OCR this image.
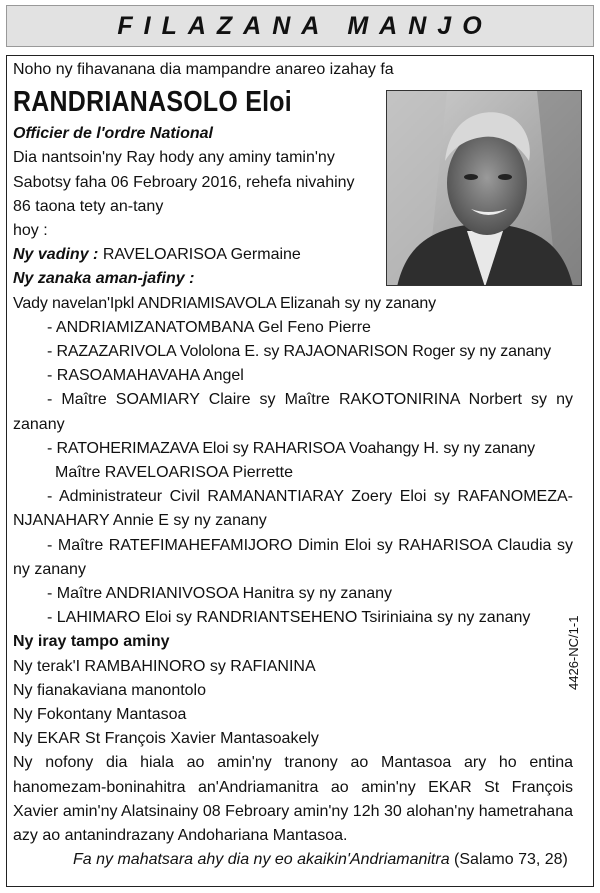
FILAZANA MANJO

Noho ny fihavanana dia mampandre anareo izahay fa

RANDRIANASOLO Eloi

Officier de l'ordre National

Dia nantsoin'ny Ray hody any aminy tamin'ny

Sabotsy faha 06 Febroary 2016, rehefa nivahiny

86 taona tety an-tany

hoy :

Ny vadiny : RAVELOARISOA Germaine

Ny zanaka aman-jafiny :

Vady navelan'Ipkl ANDRIAMISAVOLA Elizanah sy ny zanany

- ANDRIAMIZANATOMBANA Gel Feno Pierre

- RAZAZARIVOLA Vololona E. sy RAJAONARISON Roger sy ny zanany

- RASOAMAHAVAHA Angel

- Maître SOAMIARY Claire sy Maître RAKOTONIRINA Norbert sy ny zanany

- RATOHERIMAZAVA Eloi sy RAHARISOA Voahangy H. sy ny zanany

Maître RAVELOARISOA Pierrette

- Administrateur Civil RAMANANTIARAY Zoery Eloi sy RAFANOMEZA-NJANAHARY Annie E sy ny zanany

- Maître RATEFIMAHEFAMIJORO Dimin Eloi sy RAHARISOA Claudia sy ny zanany

- Maître ANDRIANIVOSOA Hanitra sy ny zanany

- LAHIMARO Eloi sy RANDRIANTSEHENO Tsiriniaina sy ny zanany

Ny iray tampo aminy

Ny terak'I RAMBAHINORO sy RAFIANINA

Ny fianakaviana manontolo

Ny Fokontany Mantasoa

Ny EKAR St François Xavier Mantasoakely

Ny nofony dia hiala ao amin'ny tranony ao Mantasoa ary ho entina hanomezam-boninahitra an'Andriamanitra ao amin'ny EKAR St François Xavier amin'ny Alatsinainy 08 Febroary amin'ny 12h 30 alohan'ny hametrahana azy ao antanindrazany Andohariana Mantasoa.

Fa ny mahatsara ahy dia ny eo akaikin'Andriamanitra (Salamo 73, 28)

4426-NC/1-1
